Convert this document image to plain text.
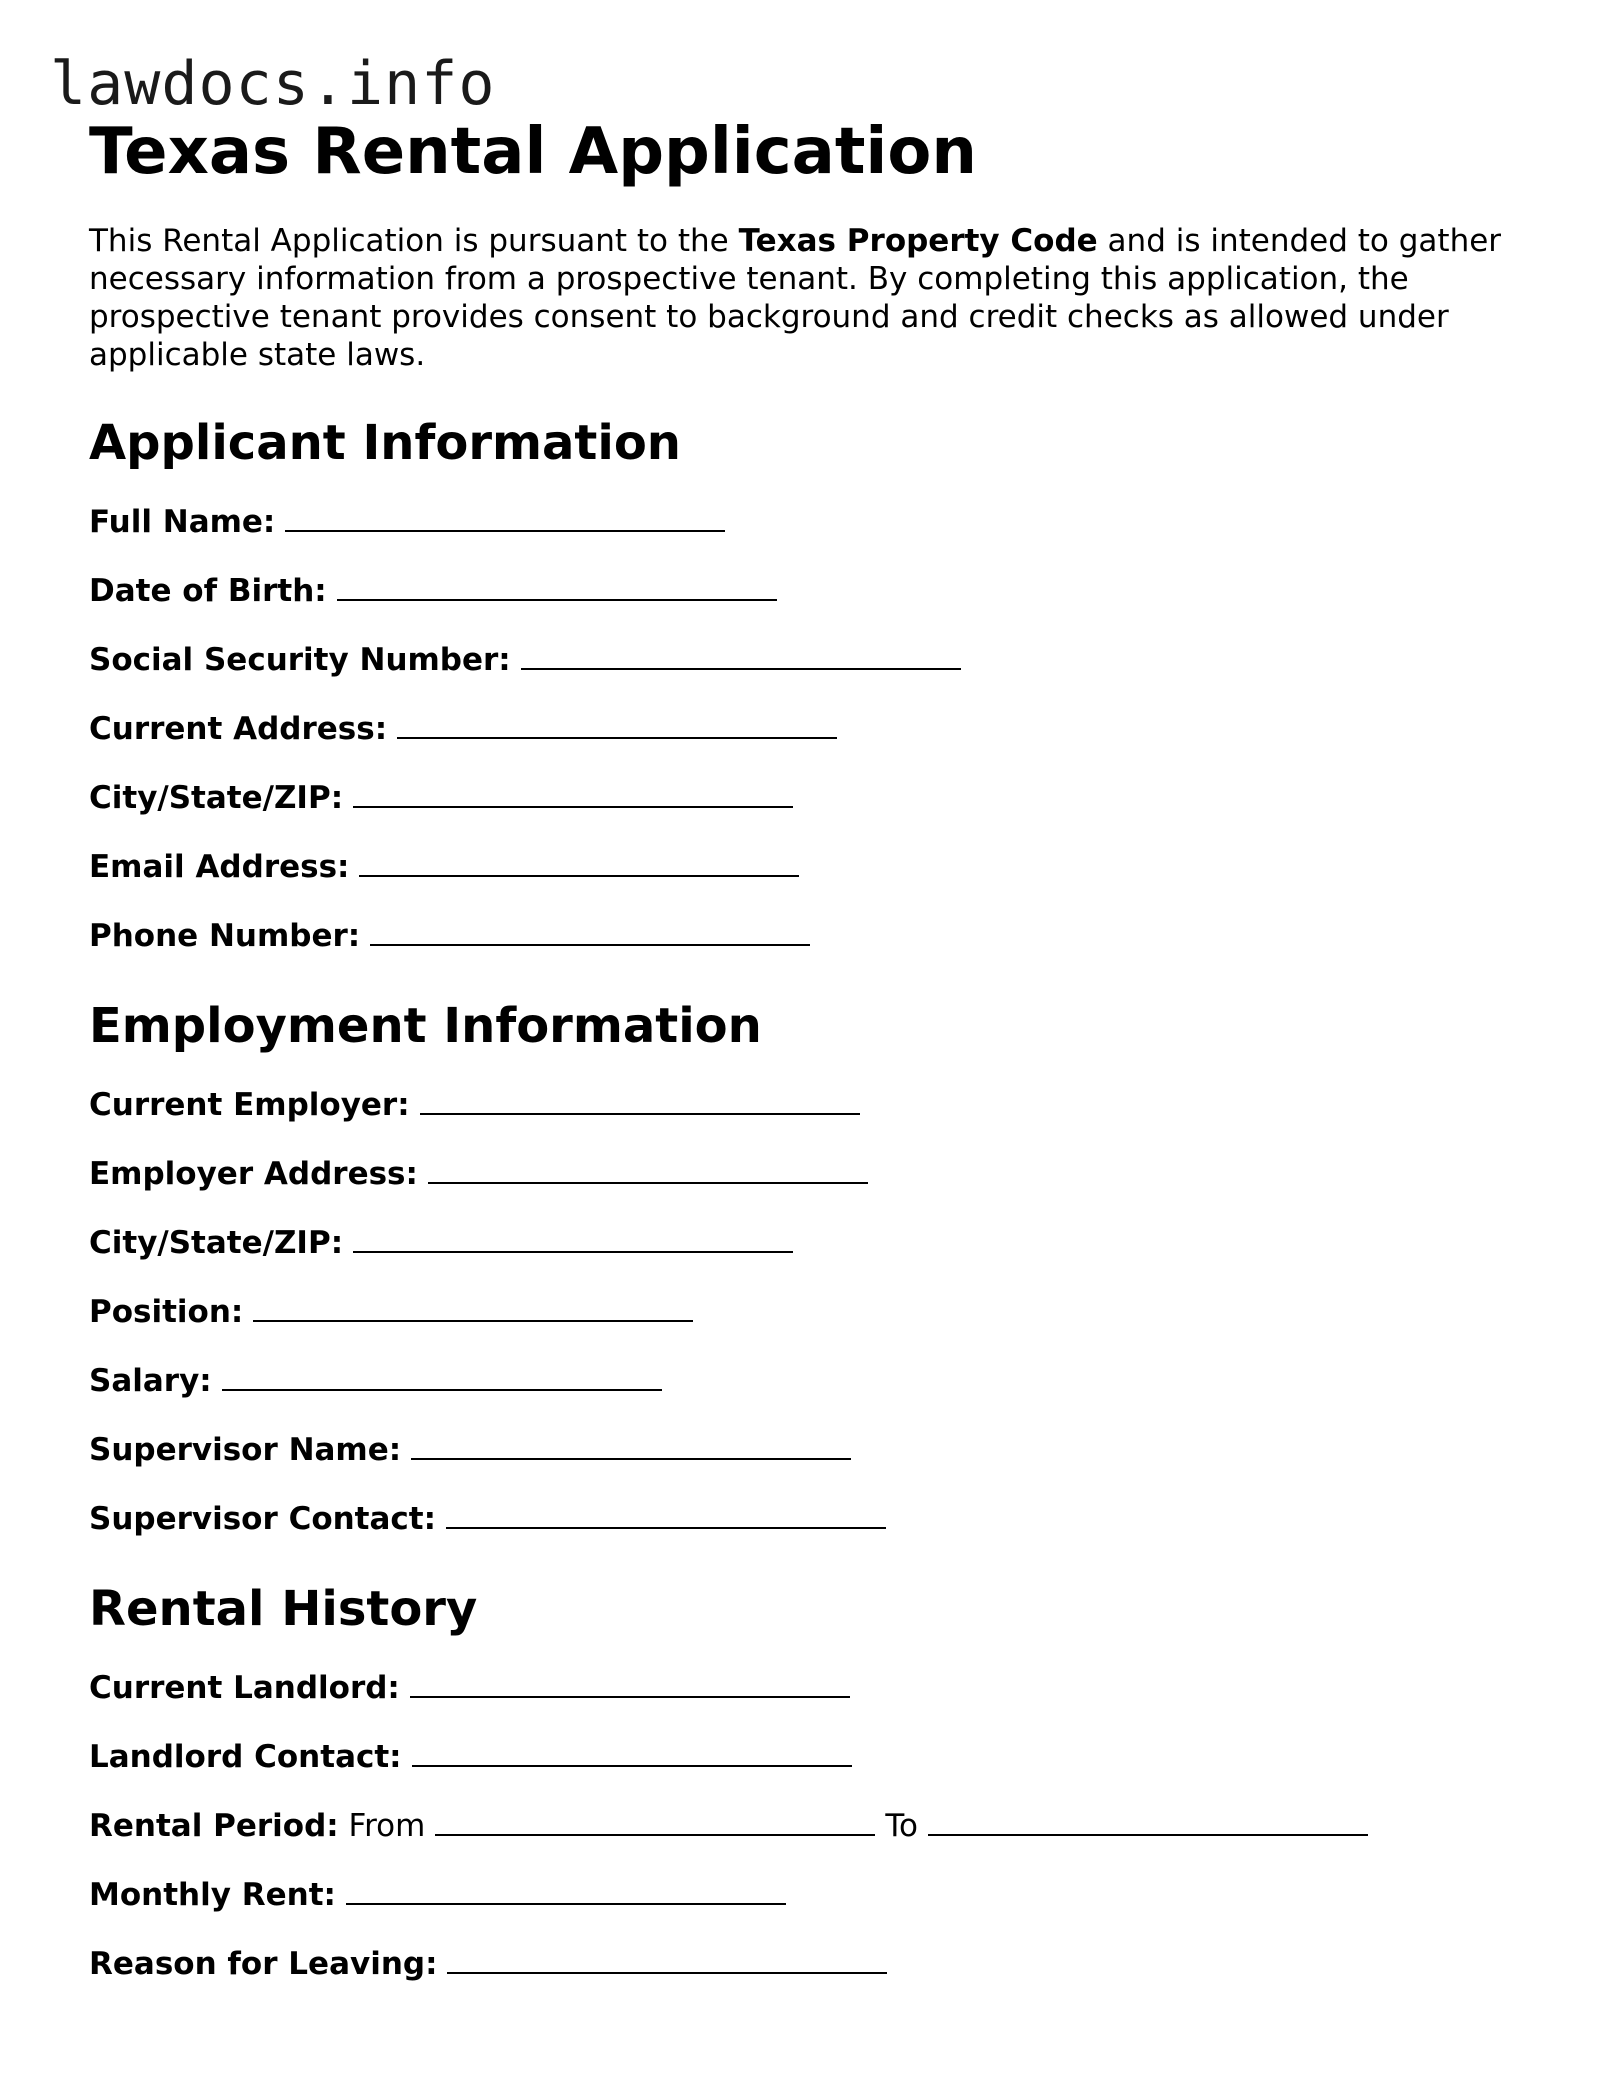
lawdocs.info
Texas Rental Application

This Rental Application is pursuant to the Texas Property Code and is intended to gather necessary information from a prospective tenant. By completing this application, the prospective tenant provides consent to background and credit checks as allowed under applicable state laws.

Applicant Information
Full Name:
Date of Birth:
Social Security Number:
Current Address:
City/State/ZIP:
Email Address:
Phone Number:
Employment Information
Current Employer:
Employer Address:
City/State/ZIP:
Position:
Salary:
Supervisor Name:
Supervisor Contact:
Rental History
Current Landlord:
Landlord Contact:
Rental Period: From	To
Monthly Rent:
Reason for Leaving:
